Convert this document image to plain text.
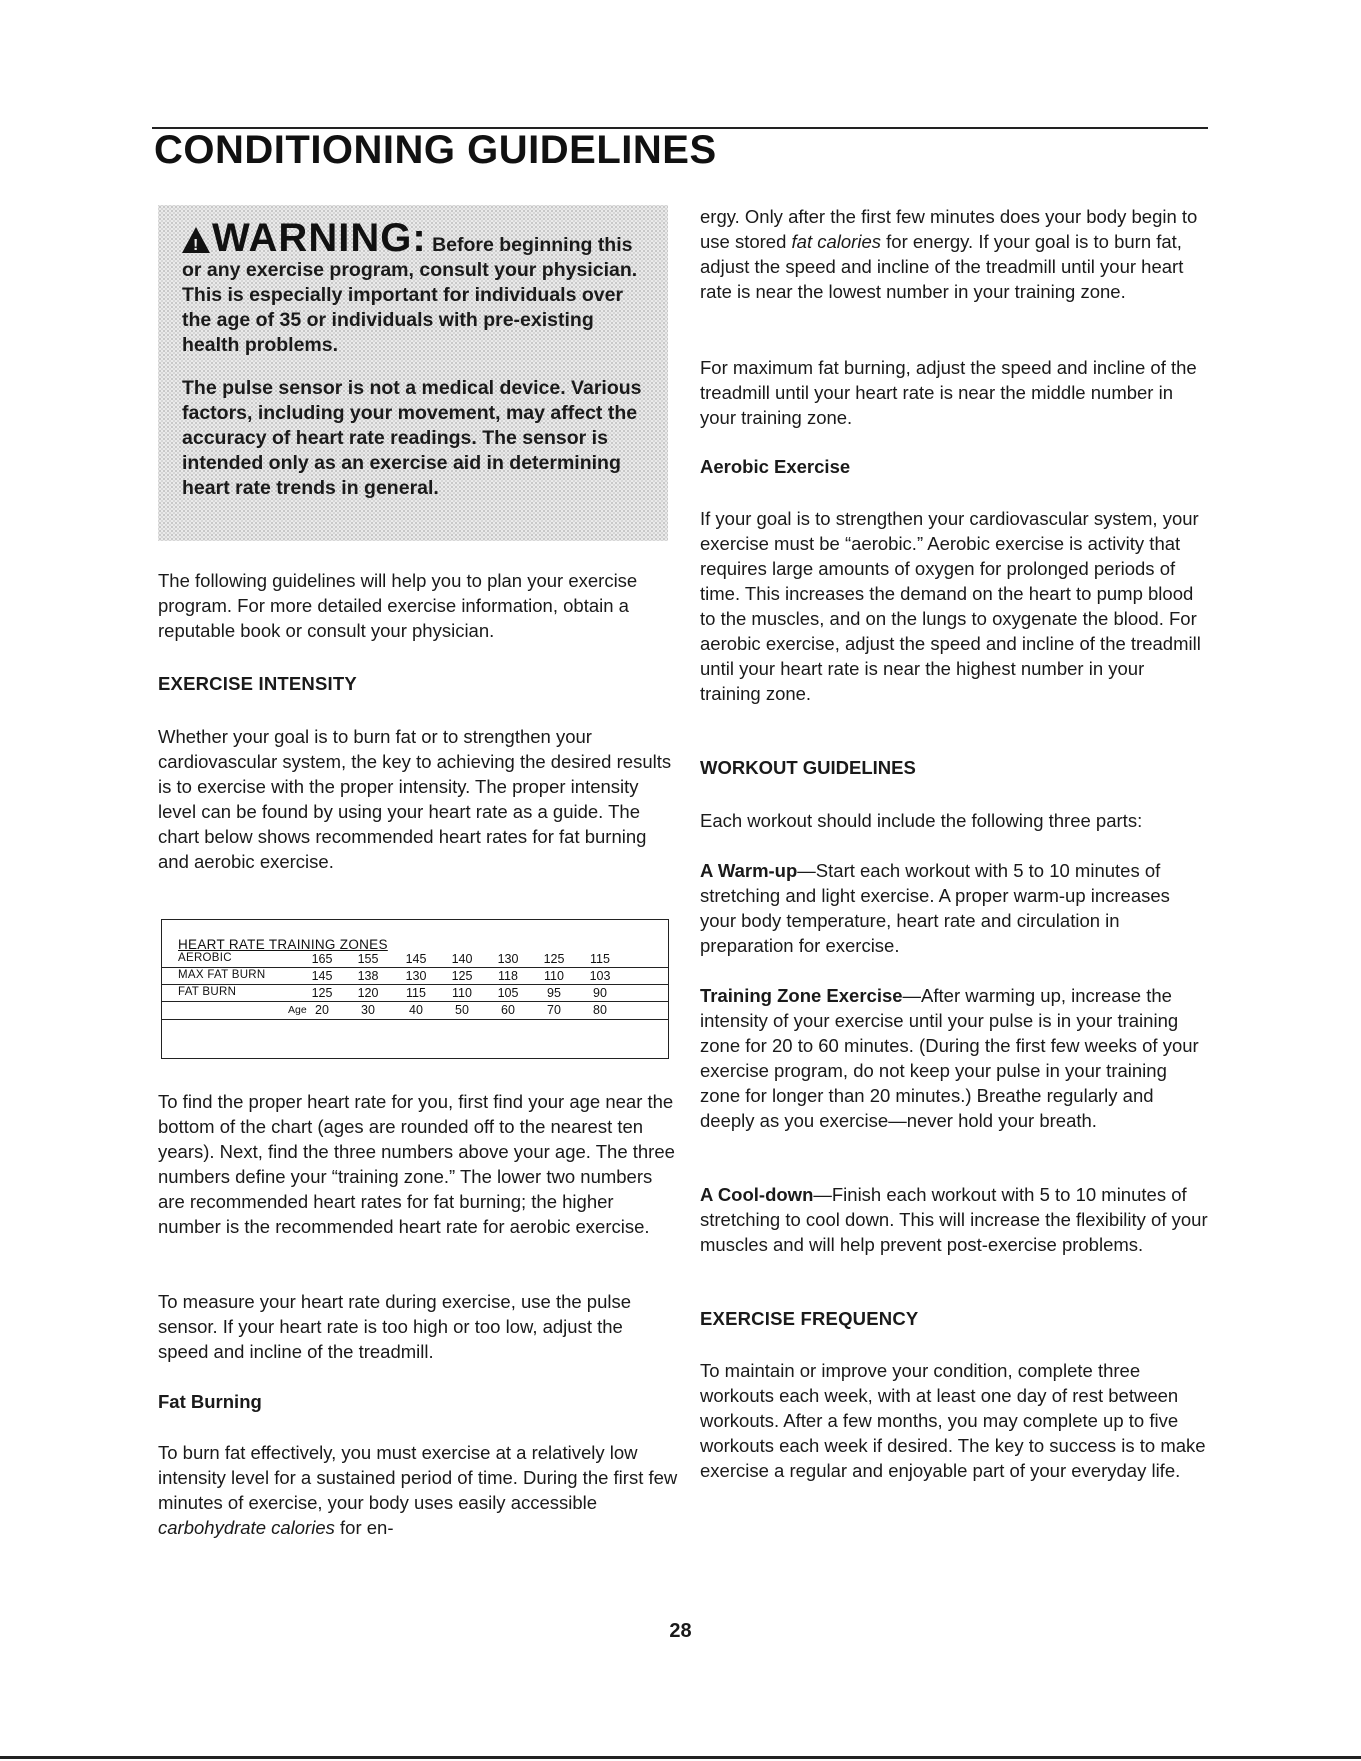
CONDITIONING GUIDELINES
!WARNING: Before beginning this or any exercise program, consult your physician. This is especially important for individuals over the age of 35 or individuals with pre-existing health problems.
The pulse sensor is not a medical device. Various factors, including your movement, may affect the accuracy of heart rate readings. The sensor is intended only as an exercise aid in determining heart rate trends in general.

The following guidelines will help you to plan your exercise program. For more detailed exercise information, obtain a reputable book or consult your physician.

EXERCISE INTENSITY

Whether your goal is to burn fat or to strengthen your cardiovascular system, the key to achieving the desired results is to exercise with the proper intensity. The proper intensity level can be found by using your heart rate as a guide. The chart below shows recommended heart rates for fat burning and aerobic exercise.

To find the proper heart rate for you, first find your age near the bottom of the chart (ages are rounded off to the nearest ten years). Next, find the three numbers above your age. The three numbers define your “training zone.” The lower two numbers are recommended heart rates for fat burning; the higher number is the recommended heart rate for aerobic exercise.

To measure your heart rate during exercise, use the pulse sensor. If your heart rate is too high or too low, adjust the speed and incline of the treadmill.

Fat Burning

To burn fat effectively, you must exercise at a relatively low intensity level for a sustained period of time. During the first few minutes of exercise, your body uses easily accessible carbohydrate calories for en-

HEART RATE TRAINING ZONES
AEROBIC	165	155	145	140	130	125	115
MAX FAT BURN	145	138	130	125	118	110	103
FAT BURN	125	120	115	110	105	95	90
Age 20	30	40	50	60	70	80

ergy. Only after the first few minutes does your body begin to use stored fat calories for energy. If your goal is to burn fat, adjust the speed and incline of the treadmill until your heart rate is near the lowest number in your training zone.

For maximum fat burning, adjust the speed and incline of the treadmill until your heart rate is near the middle number in your training zone.

Aerobic Exercise

If your goal is to strengthen your cardiovascular system, your exercise must be “aerobic.” Aerobic exercise is activity that requires large amounts of oxygen for prolonged periods of time. This increases the demand on the heart to pump blood to the muscles, and on the lungs to oxygenate the blood. For aerobic exercise, adjust the speed and incline of the treadmill until your heart rate is near the highest number in your training zone.

WORKOUT GUIDELINES

Each workout should include the following three parts:

A Warm-up—Start each workout with 5 to 10 minutes of stretching and light exercise. A proper warm-up increases your body temperature, heart rate and circulation in preparation for exercise.

Training Zone Exercise—After warming up, increase the intensity of your exercise until your pulse is in your training zone for 20 to 60 minutes. (During the first few weeks of your exercise program, do not keep your pulse in your training zone for longer than 20 minutes.) Breathe regularly and deeply as you exercise—never hold your breath.

A Cool-down—Finish each workout with 5 to 10 minutes of stretching to cool down. This will increase the flexibility of your muscles and will help prevent post-exercise problems.

EXERCISE FREQUENCY

To maintain or improve your condition, complete three workouts each week, with at least one day of rest between workouts. After a few months, you may complete up to five workouts each week if desired. The key to success is to make exercise a regular and enjoyable part of your everyday life.

28
